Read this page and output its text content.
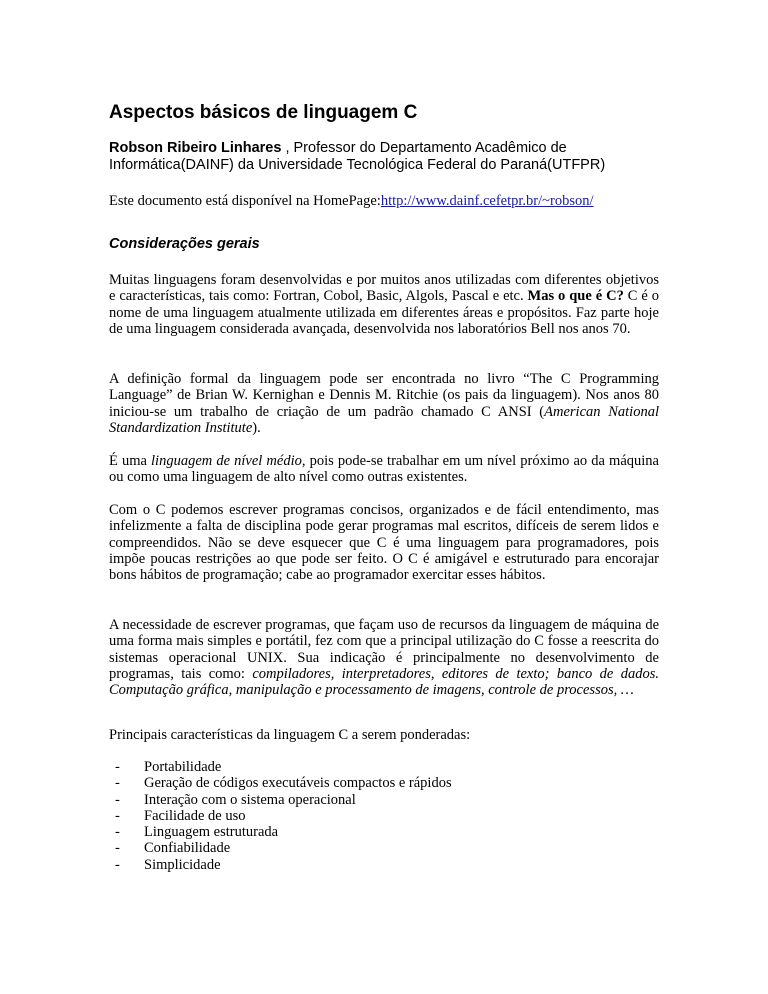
Aspectos básicos de linguagem C

Robson Ribeiro Linhares , Professor do Departamento Acadêmico de Informática(DAINF) da Universidade Tecnológica Federal do Paraná(UTFPR)

Este documento está disponível na HomePage:http://www.dainf.cefetpr.br/~robson/

Considerações gerais

Muitas linguagens foram desenvolvidas e por muitos anos utilizadas com diferentes objetivos e características, tais como: Fortran, Cobol, Basic, Algols, Pascal e etc. Mas o que é C? C é o nome de uma linguagem atualmente utilizada em diferentes áreas e propósitos. Faz parte hoje de uma linguagem considerada avançada, desenvolvida nos laboratórios Bell nos anos 70.

A definição formal da linguagem pode ser encontrada no livro “The C Programming Language” de Brian W. Kernighan e Dennis M. Ritchie (os pais da linguagem). Nos anos 80 iniciou-se um trabalho de criação de um padrão chamado C ANSI (American National Standardization Institute).

É uma linguagem de nível médio, pois pode-se trabalhar em um nível próximo ao da máquina ou como uma linguagem de alto nível como outras existentes.

Com o C podemos escrever programas concisos, organizados e de fácil entendimento, mas infelizmente a falta de disciplina pode gerar programas mal escritos, difíceis de serem lidos e compreendidos. Não se deve esquecer que C é uma linguagem para programadores, pois impõe poucas restrições ao que pode ser feito. O C é amigável e estruturado para encorajar bons hábitos de programação; cabe ao programador exercitar esses hábitos.

A necessidade de escrever programas, que façam uso de recursos da linguagem de máquina de uma forma mais simples e portátil, fez com que a principal utilização do C fosse a reescrita do sistemas operacional UNIX. Sua indicação é principalmente no desenvolvimento de programas, tais como: compiladores, interpretadores, editores de texto; banco de dados. Computação gráfica, manipulação e processamento de imagens, controle de processos, …

Principais características da linguagem C a serem ponderadas:

- Portabilidade
- Geração de códigos executáveis compactos e rápidos
- Interação com o sistema operacional
- Facilidade de uso
- Linguagem estruturada
- Confiabilidade
- Simplicidade
